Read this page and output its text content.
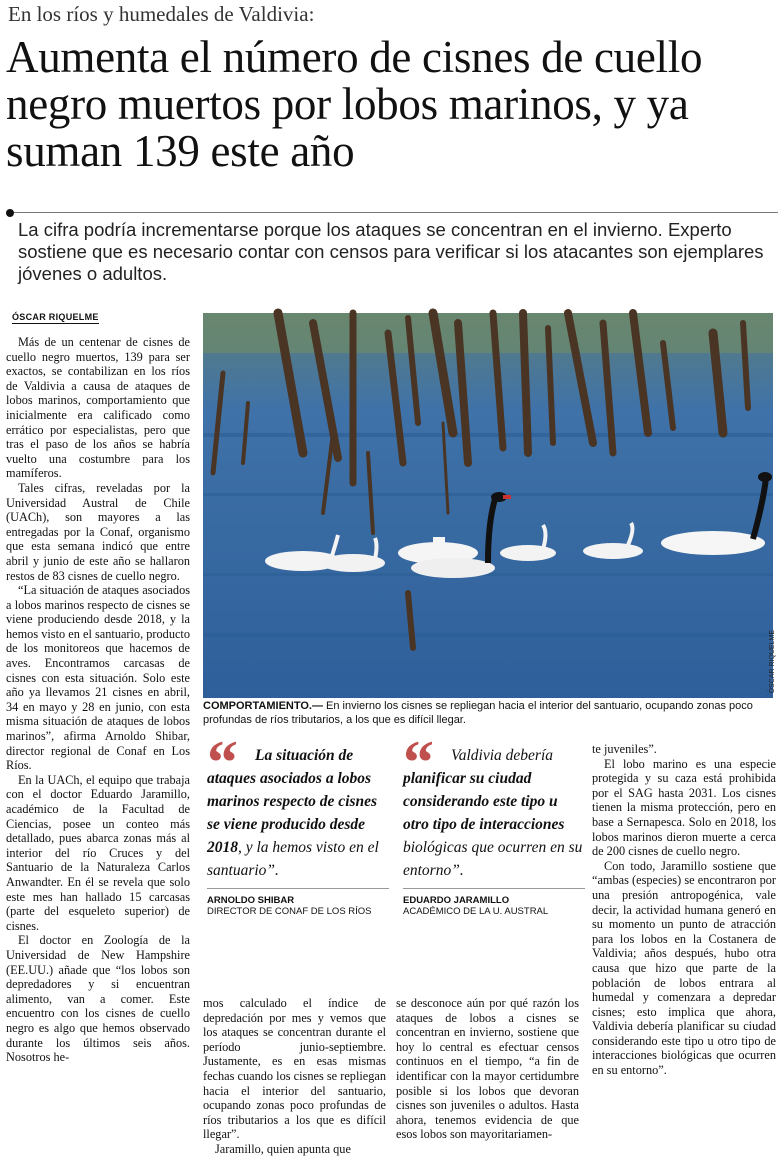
En los ríos y humedales de Valdivia:
Aumenta el número de cisnes de cuello negro muertos por lobos marinos, y ya suman 139 este año

La cifra podría incrementarse porque los ataques se concentran en el invierno. Experto sostiene que es necesario contar con censos para verificar si los atacantes son ejemplares jóvenes o adultos.

ÓSCAR RIQUELME

Más de un centenar de cisnes de cuello negro muertos, 139 para ser exactos, se contabilizan en los ríos de Valdivia a causa de ataques de lobos marinos, comportamiento que inicialmente era calificado como errático por especialistas, pero que tras el paso de los años se habría vuelto una costumbre para los mamíferos.

Tales cifras, reveladas por la Universidad Austral de Chile (UACh), son mayores a las entregadas por la Conaf, organismo que esta semana indicó que entre abril y junio de este año se hallaron restos de 83 cisnes de cuello negro.

“La situación de ataques asociados a lobos marinos respecto de cisnes se viene produciendo desde 2018, y la hemos visto en el santuario, producto de los monitoreos que hacemos de aves. Encontramos carcasas de cisnes con esta situación. Solo este año ya llevamos 21 cisnes en abril, 34 en mayo y 28 en junio, con esta misma situación de ataques de lobos marinos”, afirma Arnoldo Shibar, director regional de Conaf en Los Ríos.

En la UACh, el equipo que trabaja con el doctor Eduardo Jaramillo, académico de la Facultad de Ciencias, posee un conteo más detallado, pues abarca zonas más al interior del río Cruces y del Santuario de la Naturaleza Carlos Anwandter. En él se revela que solo este mes han hallado 15 carcasas (parte del esqueleto superior) de cisnes.

El doctor en Zoología de la Universidad de New Hampshire (EE.UU.) añade que “los lobos son depredadores y si encuentran alimento, van a comer. Este encuentro con los cisnes de cuello negro es algo que hemos observado durante los últimos seis años. Nosotros he-

ÓSCAR RIQUELME

COMPORTAMIENTO.— En invierno los cisnes se repliegan hacia el interior del santuario, ocupando zonas poco profundas de ríos tributarios, a los que es difícil llegar.

“	La situación de ataques asociados a lobos marinos respecto de cisnes se viene producido desde 2018, y la hemos visto en el santuario”.

ARNOLDO SHIBAR
DIRECTOR DE CONAF DE LOS RÍOS
“	Valdivia debería planificar su ciudad considerando este tipo u otro tipo de interacciones biológicas que ocurren en su entorno”.

EDUARDO JARAMILLO
ACADÉMICO DE LA U. AUSTRAL

mos calculado el índice de depredación por mes y vemos que los ataques se concentran durante el período junio-septiembre. Justamente, es en esas mismas fechas cuando los cisnes se repliegan hacia el interior del santuario, ocupando zonas poco profundas de ríos tributarios a los que es difícil llegar”.

Jaramillo, quien apunta que

se desconoce aún por qué razón los ataques de lobos a cisnes se concentran en invierno, sostiene que hoy lo central es efectuar censos continuos en el tiempo, “a fin de identificar con la mayor certidumbre posible si los lobos que devoran cisnes son juveniles o adultos. Hasta ahora, tenemos evidencia de que esos lobos son mayoritariamen-

te juveniles”.

El lobo marino es una especie protegida y su caza está prohibida por el SAG hasta 2031. Los cisnes tienen la misma protección, pero en base a Sernapesca. Solo en 2018, los lobos marinos dieron muerte a cerca de 200 cisnes de cuello negro.

Con todo, Jaramillo sostiene que “ambas (especies) se encontraron por una presión antropogénica, vale decir, la actividad humana generó en su momento un punto de atracción para los lobos en la Costanera de Valdivia; años después, hubo otra causa que hizo que parte de la población de lobos entrara al humedal y comenzara a depredar cisnes; esto implica que ahora, Valdivia debería planificar su ciudad considerando este tipo u otro tipo de interacciones biológicas que ocurren en su entorno”.
